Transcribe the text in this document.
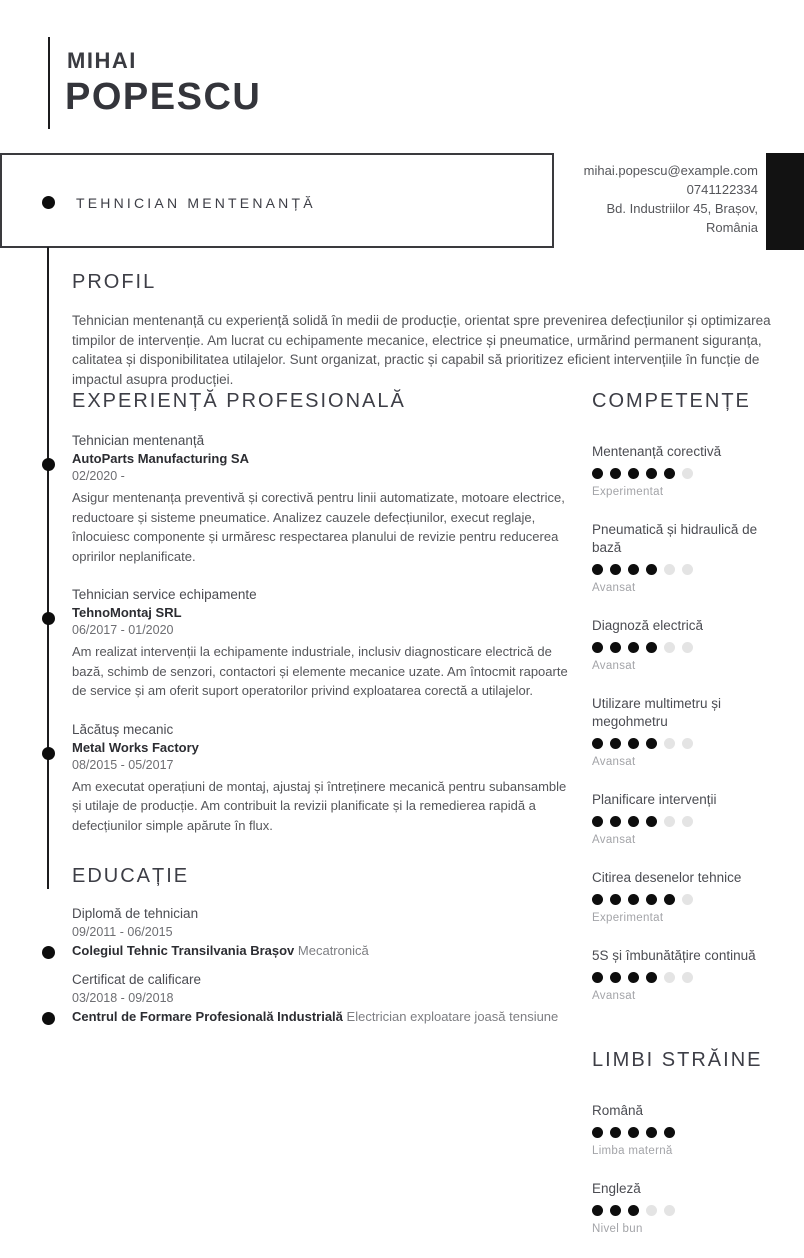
MIHAI
POPESCU
TEHNICIAN MENTENANȚĂ
mihai.popescu@example.com
0741122334
Bd. Industriilor 45, Brașov,
România
PROFIL

Tehnician mentenanță cu experiență solidă în medii de producție, orientat spre prevenirea defecțiunilor și optimizarea timpilor de intervenție. Am lucrat cu echipamente mecanice, electrice și pneumatice, urmărind permanent siguranța, calitatea și disponibilitatea utilajelor. Sunt organizat, practic și capabil să prioritizez eficient intervențiile în funcție de impactul asupra producției.

EXPERIENȚĂ PROFESIONALĂ
Tehnician mentenanță
AutoParts Manufacturing SA
02/2020 -
Asigur mentenanța preventivă și corectivă pentru linii automatizate, motoare electrice, reductoare și sisteme pneumatice. Analizez cauzele defecțiunilor, execut reglaje, înlocuiesc componente și urmăresc respectarea planului de revizie pentru reducerea opririlor neplanificate.
Tehnician service echipamente
TehnoMontaj SRL
06/2017 - 01/2020
Am realizat intervenții la echipamente industriale, inclusiv diagnosticare electrică de bază, schimb de senzori, contactori și elemente mecanice uzate. Am întocmit rapoarte de service și am oferit suport operatorilor privind exploatarea corectă a utilajelor.
Lăcătuș mecanic
Metal Works Factory
08/2015 - 05/2017
Am executat operațiuni de montaj, ajustaj și întreținere mecanică pentru subansamble și utilaje de producție. Am contribuit la revizii planificate și la remedierea rapidă a defecțiunilor simple apărute în flux.
EDUCAȚIE
Diplomă de tehnician
09/2011 - 06/2015
Colegiul Tehnic Transilvania Brașov Mecatronică
Certificat de calificare
03/2018 - 09/2018
Centrul de Formare Profesională Industrială Electrician exploatare joasă tensiune
COMPETENȚE
Mentenanță corectivă
Experimentat
Pneumatică și hidraulică de bază
Avansat
Diagnoză electrică
Avansat
Utilizare multimetru și megohmetru
Avansat
Planificare intervenții
Avansat
Citirea desenelor tehnice
Experimentat
5S și îmbunătățire continuă
Avansat
LIMBI STRĂINE
Română
Limba maternă
Engleză
Nivel bun
